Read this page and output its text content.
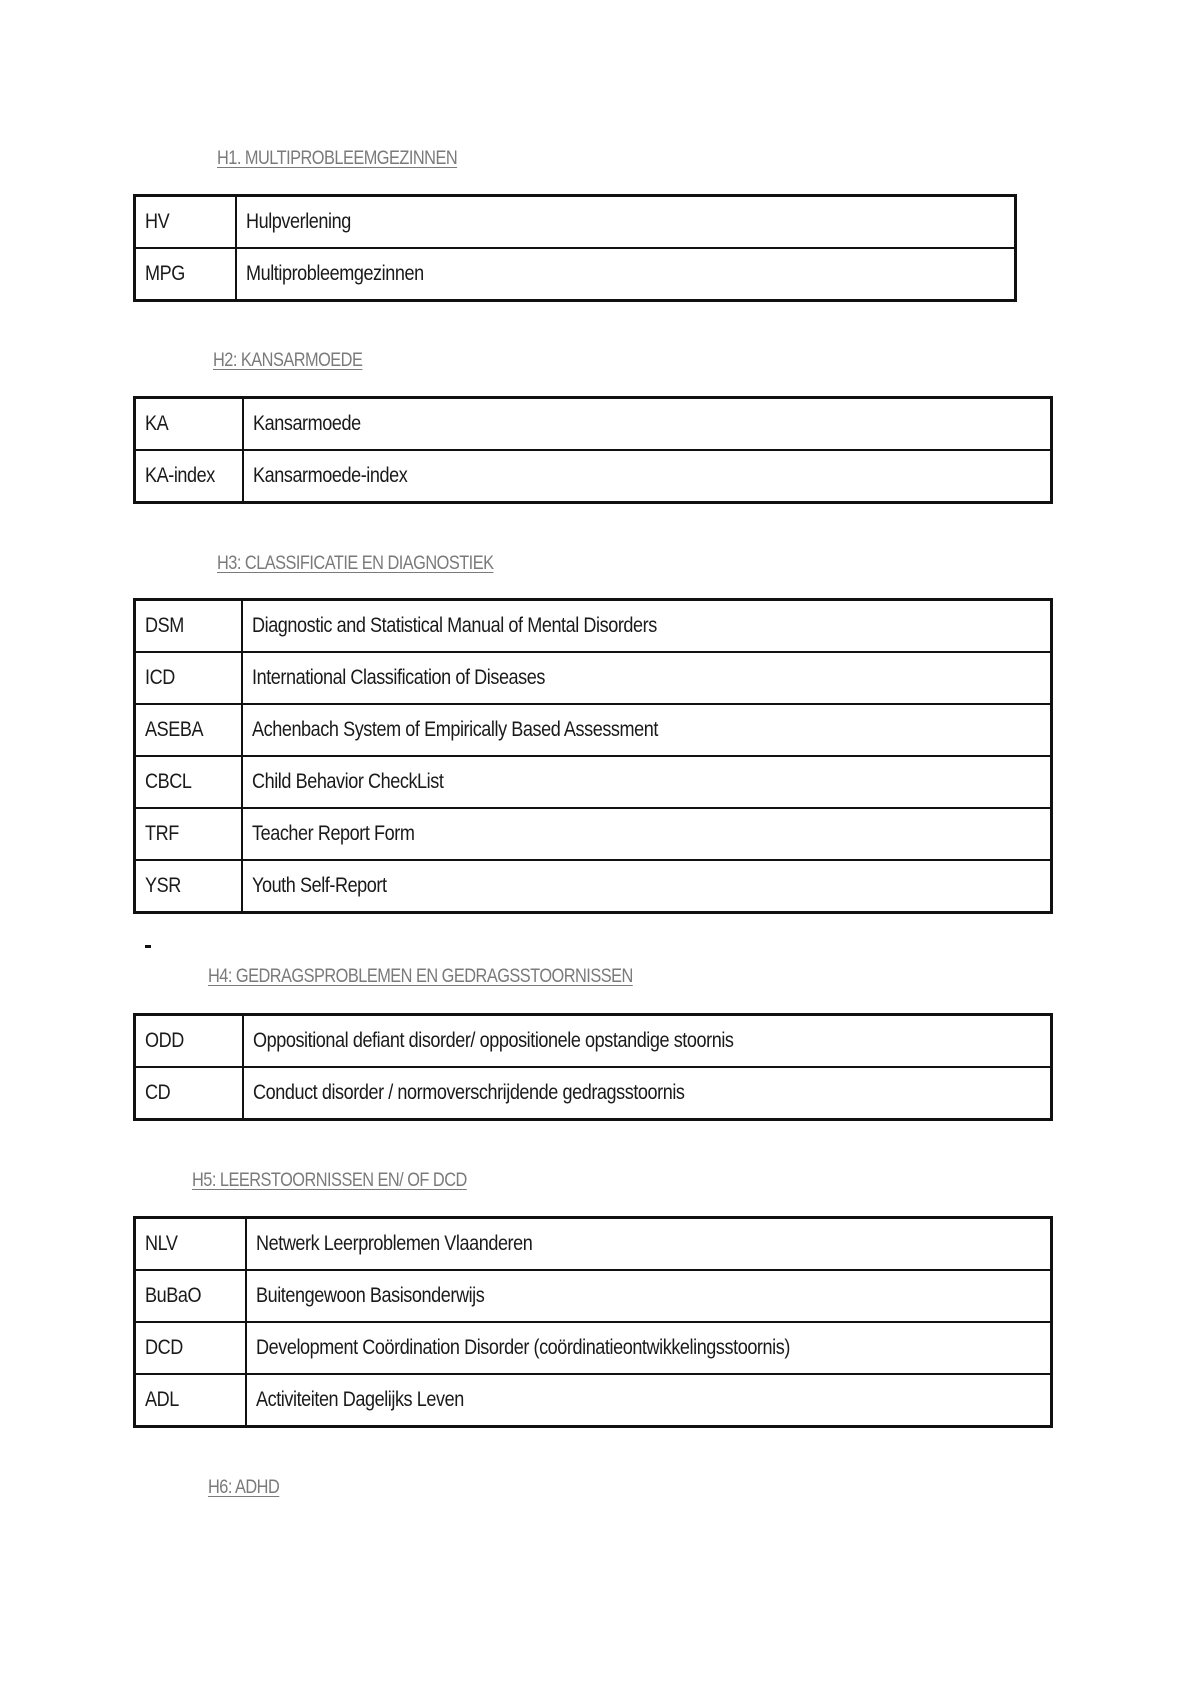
H1. MULTIPROBLEEMGEZINNEN
HV	Hulpverlening
MPG	Multiprobleemgezinnen
H2: KANSARMOEDE
KA	Kansarmoede
KA-index	Kansarmoede-index
H3: CLASSIFICATIE EN DIAGNOSTIEK
DSM	Diagnostic and Statistical Manual of Mental Disorders
ICD	International Classification of Diseases
ASEBA	Achenbach System of Empirically Based Assessment
CBCL	Child Behavior CheckList
TRF	Teacher Report Form
YSR	Youth Self-Report
H4: GEDRAGSPROBLEMEN EN GEDRAGSSTOORNISSEN
ODD	Oppositional defiant disorder/ oppositionele opstandige stoornis
CD	Conduct disorder / normoverschrijdende gedragsstoornis
H5: LEERSTOORNISSEN EN/ OF DCD
NLV	Netwerk Leerproblemen Vlaanderen
BuBaO	Buitengewoon Basisonderwijs
DCD	Development Coördination Disorder (coördinatieontwikkelingsstoornis)
ADL	Activiteiten Dagelijks Leven
H6: ADHD
